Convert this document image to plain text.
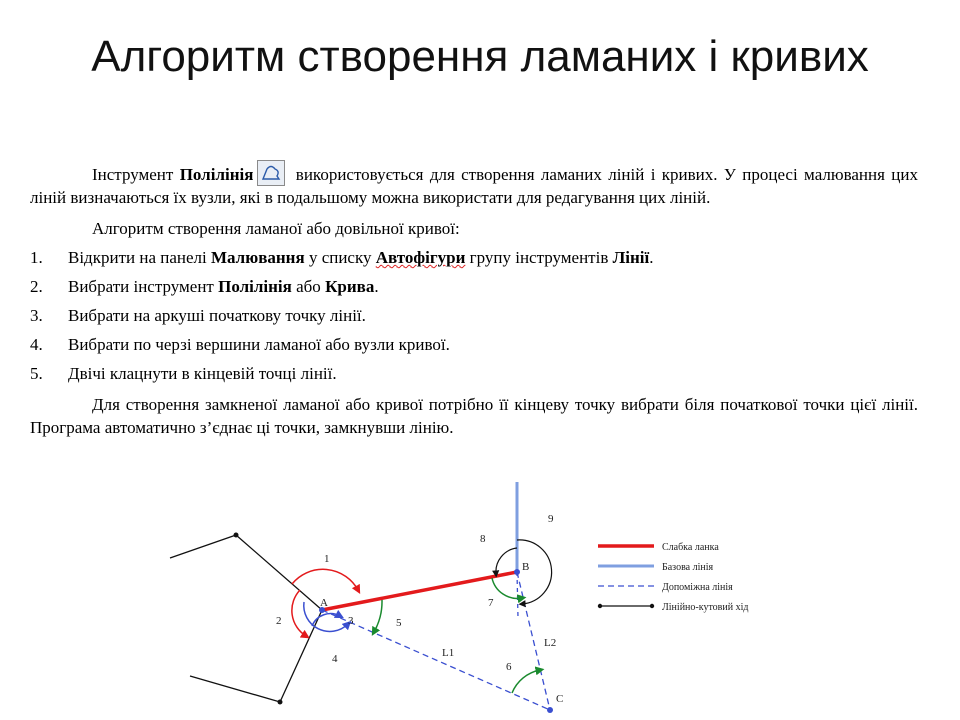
Алгоритм створення ламаних і кривих

Інструмент Полілінія
використовується для створення ламаних ліній і кривих. У процесі малювання цих ліній визначаються їх вузли, які в подальшому можна використати для редагування цих ліній.

Алгоритм створення ламаної або довільної кривої:

1.	Відкрити на панелі Малювання у списку Автофігури групу інструментів Лінії.
2.	Вибрати інструмент Полілінія або Крива.
3.	Вибрати на аркуші початкову точку лінії.
4.	Вибрати по черзі вершини ламаної або вузли кривої.
5.	Двічі клацнути в кінцевій точці лінії.

Для створення замкненої ламаної або кривої потрібно її кінцеву точку вибрати біля початкової точки цієї лінії. Програма автоматично з’єднає ці точки, замкнувши лінію.

A
B
C
1
2	3
4
5
6
7
8
9
L1
L2
Слабка ланка
Базова лінія
Допоміжна лінія
Лінійно-кутовий хід
